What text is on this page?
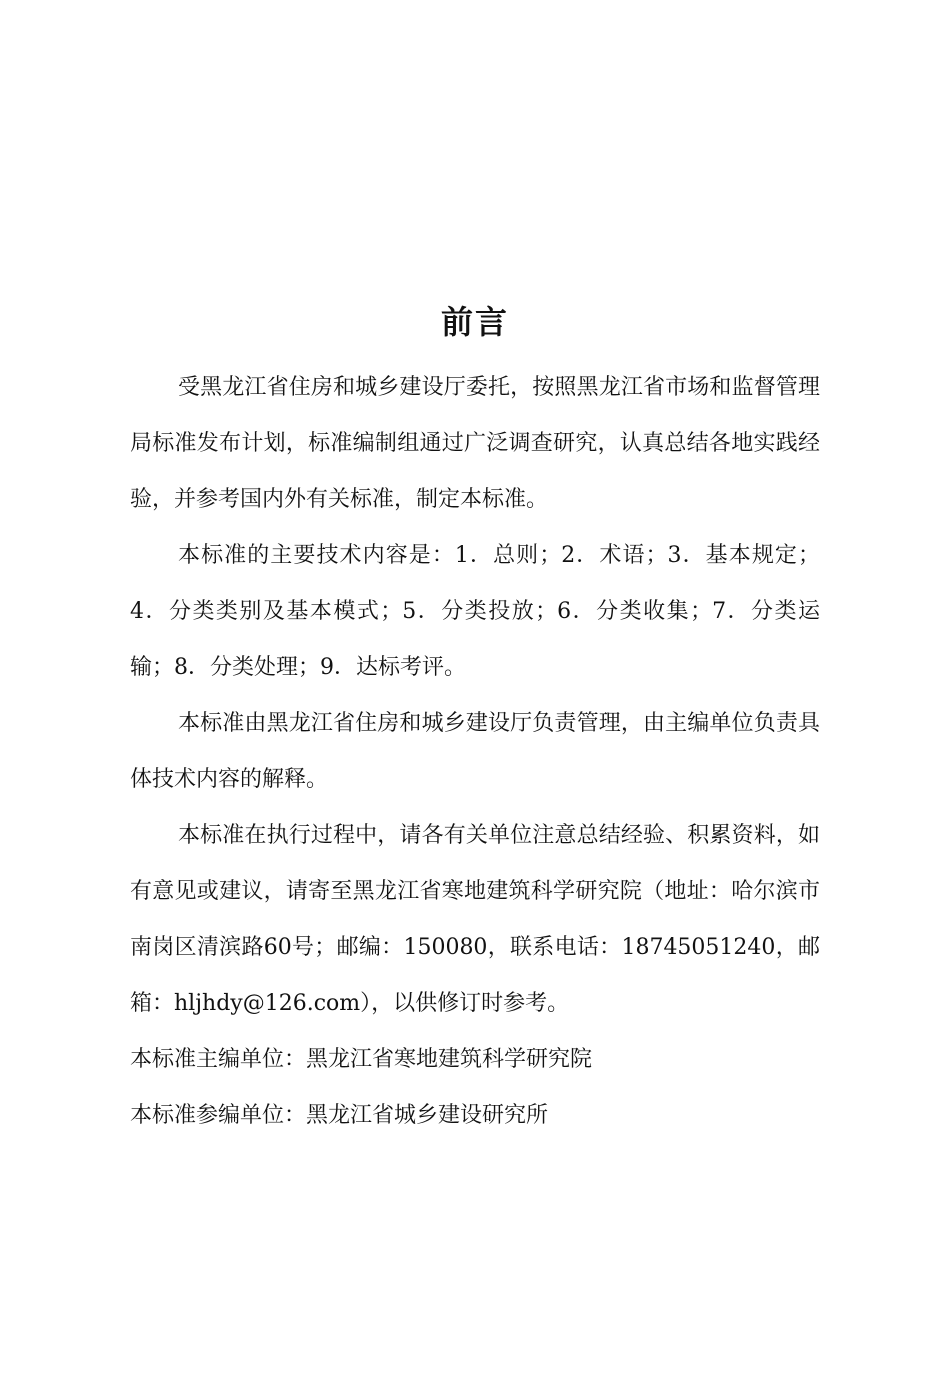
前言

受黑龙江省住房和城乡建设厅委托，按照黑龙江省市场和监督管理局标准发布计划，标准编制组通过广泛调查研究，认真总结各地实践经验，并参考国内外有关标准，制定本标准。

本标准的主要技术内容是：1．总则；2．术语；3．基本规定；4．分类类别及基本模式；5．分类投放；6．分类收集；7．分类运输；8．分类处理；9．达标考评。

本标准由黑龙江省住房和城乡建设厅负责管理，由主编单位负责具体技术内容的解释。

本标准在执行过程中，请各有关单位注意总结经验、积累资料，如有意见或建议，请寄至黑龙江省寒地建筑科学研究院（地址：哈尔滨市南岗区清滨路60号；邮编：150080，联系电话：18745051240，邮箱：hljhdy@126.com），以供修订时参考。

本标准主编单位：黑龙江省寒地建筑科学研究院

本标准参编单位：黑龙江省城乡建设研究所
